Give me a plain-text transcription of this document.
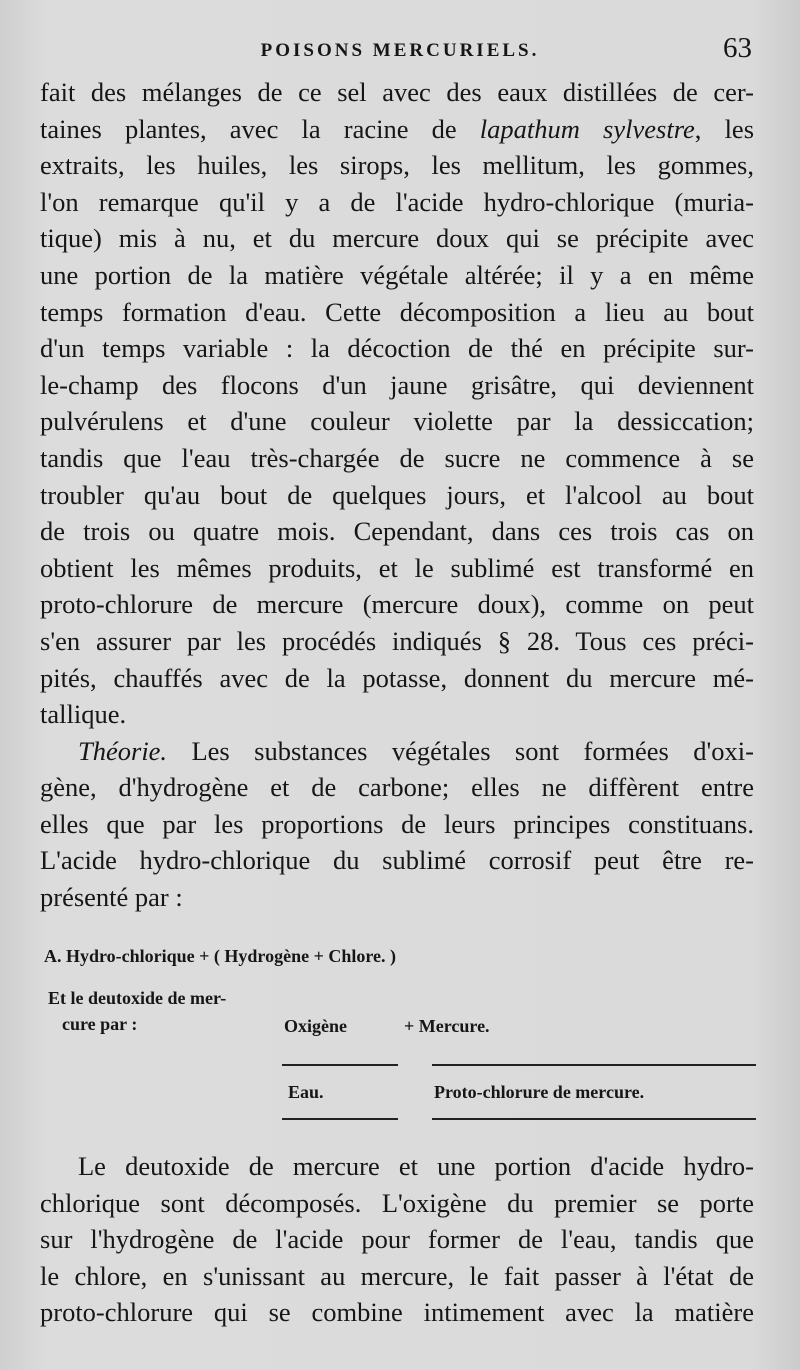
POISONS MERCURIELS.	63
fait des mélanges de ce sel avec des eaux distillées de cer-
taines plantes, avec la racine de lapathum sylvestre, les
extraits, les huiles, les sirops, les mellitum, les gommes,
l'on remarque qu'il y a de l'acide hydro-chlorique (muria-
tique) mis à nu, et du mercure doux qui se précipite avec
une portion de la matière végétale altérée; il y a en même
temps formation d'eau. Cette décomposition a lieu au bout
d'un temps variable : la décoction de thé en précipite sur-
le-champ des flocons d'un jaune grisâtre, qui deviennent
pulvérulens et d'une couleur violette par la dessiccation;
tandis que l'eau très-chargée de sucre ne commence à se
troubler qu'au bout de quelques jours, et l'alcool au bout
de trois ou quatre mois. Cependant, dans ces trois cas on
obtient les mêmes produits, et le sublimé est transformé en
proto-chlorure de mercure (mercure doux), comme on peut
s'en assurer par les procédés indiqués § 28. Tous ces préci-
pités, chauffés avec de la potasse, donnent du mercure mé-
tallique.
Théorie. Les substances végétales sont formées d'oxi-
gène, d'hydrogène et de carbone; elles ne diffèrent entre
elles que par les proportions de leurs principes constituans.
L'acide hydro-chlorique du sublimé corrosif peut être re-
présenté par :
A. Hydro-chlorique + ( Hydrogène + Chlore. )
Et le deutoxide de mer-
cure par :	Oxigène	+ Mercure.
Eau.	Proto-chlorure de mercure.
Le deutoxide de mercure et une portion d'acide hydro-
chlorique sont décomposés. L'oxigène du premier se porte
sur l'hydrogène de l'acide pour former de l'eau, tandis que
le chlore, en s'unissant au mercure, le fait passer à l'état de
proto-chlorure qui se combine intimement avec la matière
